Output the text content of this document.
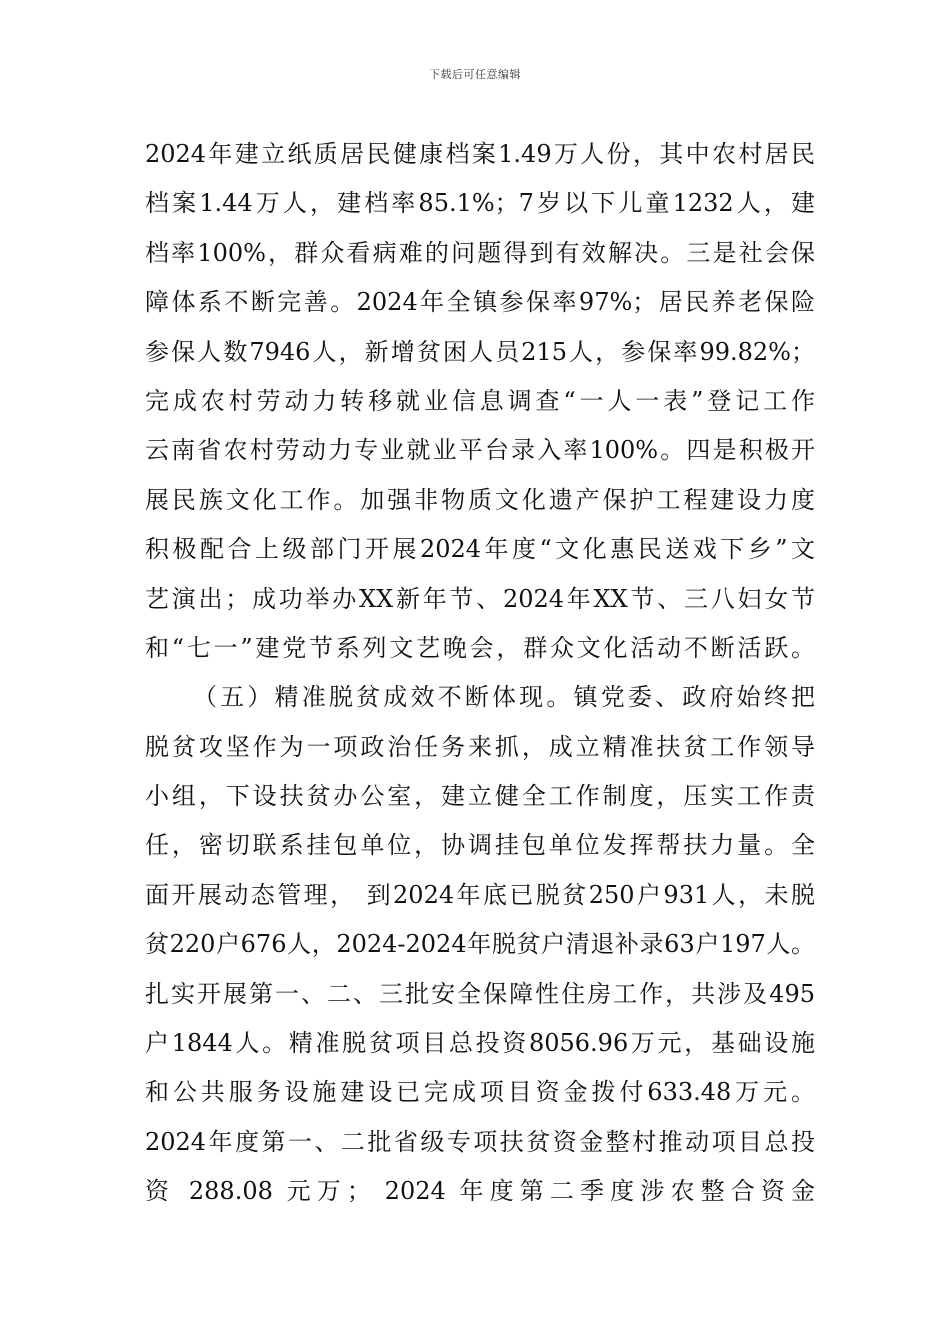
下载后可任意编辑
2024年建立纸质居民健康档案1.49万人份，其中农村居民
档案1.44万人，建档率85.1%；7岁以下儿童1232人，建
档率100%，群众看病难的问题得到有效解决。三是社会保
障体系不断完善。2024年全镇参保率97%；居民养老保险
参保人数7946人，新增贫困人员215人，参保率99.82%；
完成农村劳动力转移就业信息调查“一人一表”登记工作
云南省农村劳动力专业就业平台录入率100%。四是积极开
展民族文化工作。加强非物质文化遗产保护工程建设力度
积极配合上级部门开展2024年度“文化惠民送戏下乡”文
艺演出；成功举办XX新年节、2024年XX节、三八妇女节
和“七一”建党节系列文艺晚会，群众文化活动不断活跃。
（五）精准脱贫成效不断体现。镇党委、政府始终把
脱贫攻坚作为一项政治任务来抓，成立精准扶贫工作领导
小组，下设扶贫办公室，建立健全工作制度，压实工作责
任，密切联系挂包单位，协调挂包单位发挥帮扶力量。全
面开展动态管理， 到2024年底已脱贫250户931人，未脱
贫220户676人，2024-2024年脱贫户清退补录63户197人。
扎实开展第一、二、三批安全保障性住房工作，共涉及495
户1844人。精准脱贫项目总投资8056.96万元，基础设施
和公共服务设施建设已完成项目资金拨付633.48万元。
2024年度第一、二批省级专项扶贫资金整村推动项目总投
资 288.08 元万； 2024 年度第二季度涉农整合资金
